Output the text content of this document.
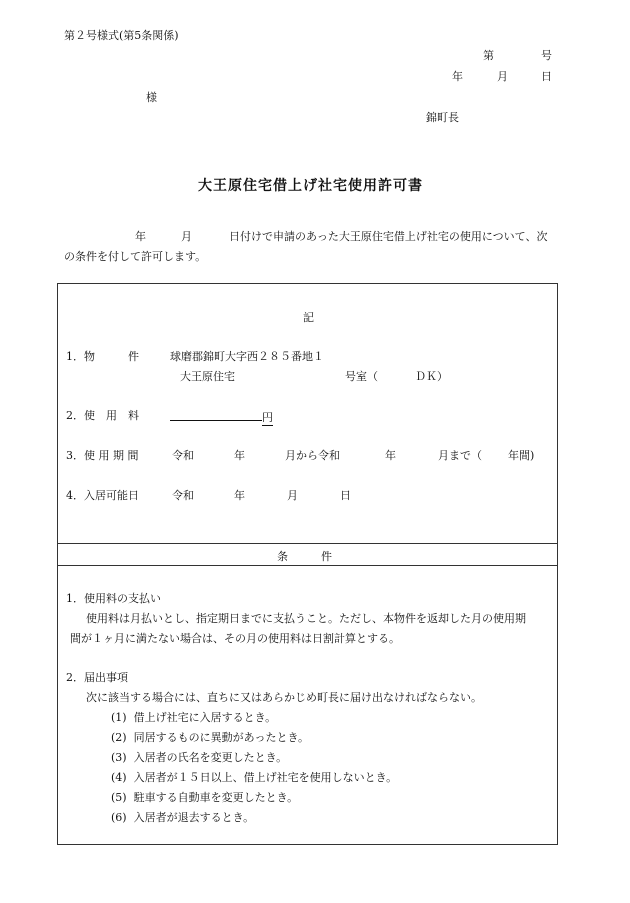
第２号様式(第5条関係)
第	号
年	月	日
様
錦町長
大王原住宅借上げ社宅使用許可書
年	月	日付けで申請のあった大王原住宅借上げ社宅の使用について、次
の条件を付して許可します。
記
1．物　　　件	球磨郡錦町大字西２８５番地１
大王原住宅	号室（	ＤＫ）
2．使　用　料	円
3．使 用 期 間	令和	年	月から令和	年	月まで（ 年間)
4．入居可能日	令和	年	月	日
条　　　件
1．使用料の支払い
使用料は月払いとし、指定期日までに支払うこと。ただし、本物件を返却した月の使用期
間が１ヶ月に満たない場合は、その月の使用料は日割計算とする。
2．届出事項
次に該当する場合には、直ちに又はあらかじめ町長に届け出なければならない。
(1) 借上げ社宅に入居するとき。
(2) 同居するものに異動があったとき。
(3) 入居者の氏名を変更したとき。
(4) 入居者が１５日以上、借上げ社宅を使用しないとき。
(5) 駐車する自動車を変更したとき。
(6) 入居者が退去するとき。
